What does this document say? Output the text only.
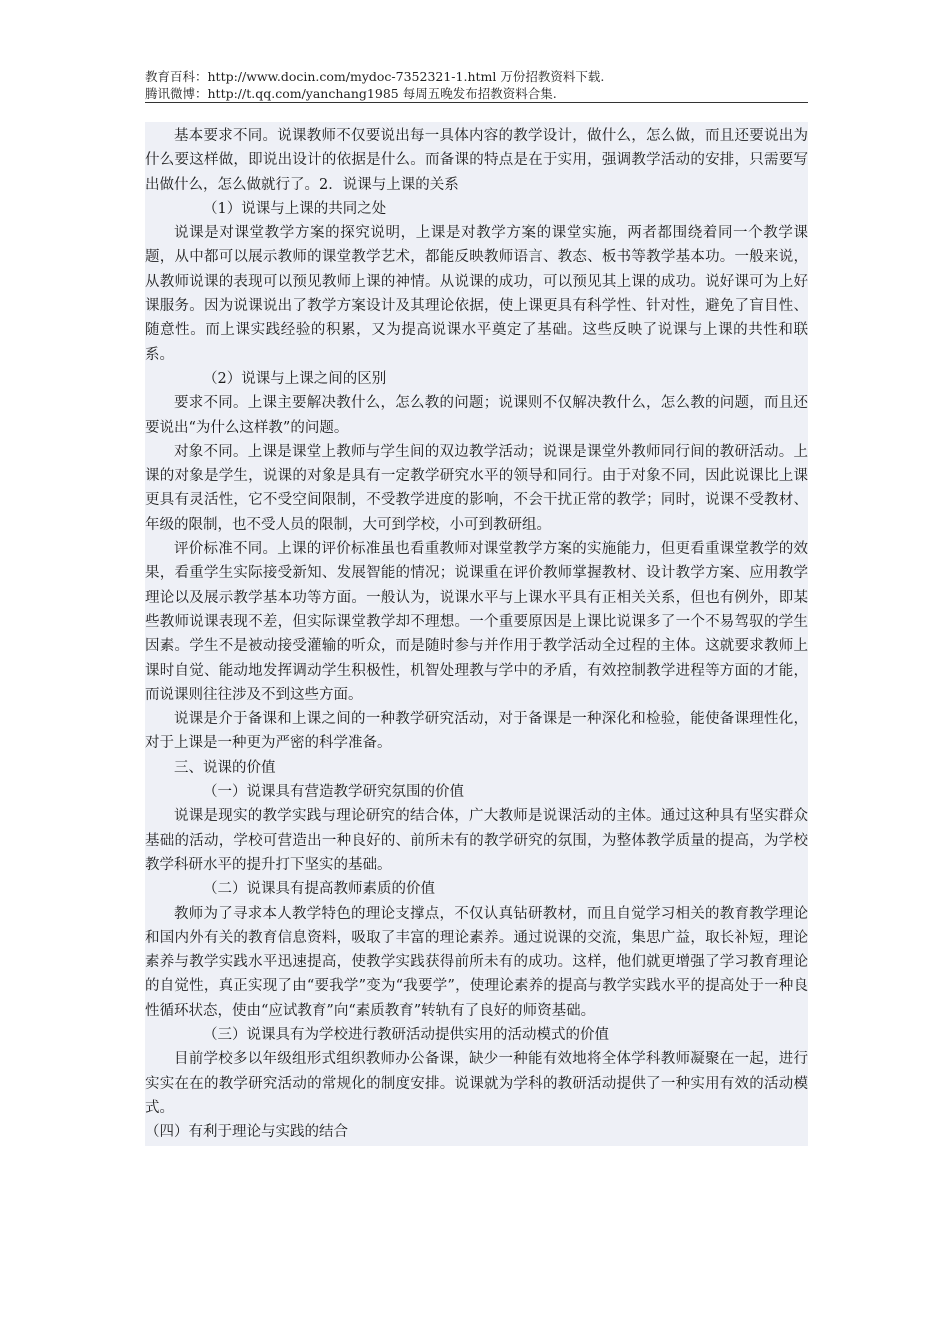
教育百科：http://www.docin.com/mydoc-7352321-1.html 万份招教资料下载.
腾讯微博：http://t.qq.com/yanchang1985 每周五晚发布招教资料合集.

基本要求不同。说课教师不仅要说出每一具体内容的教学设计，做什么，怎么做，而且还要说出为什么要这样做，即说出设计的依据是什么。而备课的特点是在于实用，强调教学活动的安排，只需要写出做什么，怎么做就行了。2．说课与上课的关系

（1）说课与上课的共同之处

说课是对课堂教学方案的探究说明，上课是对教学方案的课堂实施，两者都围绕着同一个教学课题，从中都可以展示教师的课堂教学艺术，都能反映教师语言、教态、板书等教学基本功。一般来说，从教师说课的表现可以预见教师上课的神情。从说课的成功，可以预见其上课的成功。说好课可为上好课服务。因为说课说出了教学方案设计及其理论依据，使上课更具有科学性、针对性，避免了盲目性、随意性。而上课实践经验的积累，又为提高说课水平奠定了基础。这些反映了说课与上课的共性和联系。

（2）说课与上课之间的区别

要求不同。上课主要解决教什么，怎么教的问题；说课则不仅解决教什么，怎么教的问题，而且还要说出“为什么这样教”的问题。

对象不同。上课是课堂上教师与学生间的双边教学活动；说课是课堂外教师同行间的教研活动。上课的对象是学生，说课的对象是具有一定教学研究水平的领导和同行。由于对象不同，因此说课比上课更具有灵活性，它不受空间限制，不受教学进度的影响，不会干扰正常的教学；同时，说课不受教材、年级的限制，也不受人员的限制，大可到学校，小可到教研组。

评价标准不同。上课的评价标准虽也看重教师对课堂教学方案的实施能力，但更看重课堂教学的效果，看重学生实际接受新知、发展智能的情况；说课重在评价教师掌握教材、设计教学方案、应用教学理论以及展示教学基本功等方面。一般认为，说课水平与上课水平具有正相关关系，但也有例外，即某些教师说课表现不差，但实际课堂教学却不理想。一个重要原因是上课比说课多了一个不易驾驭的学生因素。学生不是被动接受灌输的听众，而是随时参与并作用于教学活动全过程的主体。这就要求教师上课时自觉、能动地发挥调动学生积极性，机智处理教与学中的矛盾，有效控制教学进程等方面的才能，而说课则往往涉及不到这些方面。

说课是介于备课和上课之间的一种教学研究活动，对于备课是一种深化和检验，能使备课理性化，对于上课是一种更为严密的科学准备。

三、说课的价值

（一）说课具有营造教学研究氛围的价值

说课是现实的教学实践与理论研究的结合体，广大教师是说课活动的主体。通过这种具有坚实群众基础的活动，学校可营造出一种良好的、前所未有的教学研究的氛围，为整体教学质量的提高，为学校教学科研水平的提升打下坚实的基础。

（二）说课具有提高教师素质的价值

教师为了寻求本人教学特色的理论支撑点，不仅认真钻研教材，而且自觉学习相关的教育教学理论和国内外有关的教育信息资料，吸取了丰富的理论素养。通过说课的交流，集思广益，取长补短，理论素养与教学实践水平迅速提高，使教学实践获得前所未有的成功。这样，他们就更增强了学习教育理论的自觉性，真正实现了由“要我学”变为“我要学”，使理论素养的提高与教学实践水平的提高处于一种良性循环状态，使由“应试教育”向“素质教育”转轨有了良好的师资基础。

（三）说课具有为学校进行教研活动提供实用的活动模式的价值

目前学校多以年级组形式组织教师办公备课，缺少一种能有效地将全体学科教师凝聚在一起，进行实实在在的教学研究活动的常规化的制度安排。说课就为学科的教研活动提供了一种实用有效的活动模式。

（四）有利于理论与实践的结合
